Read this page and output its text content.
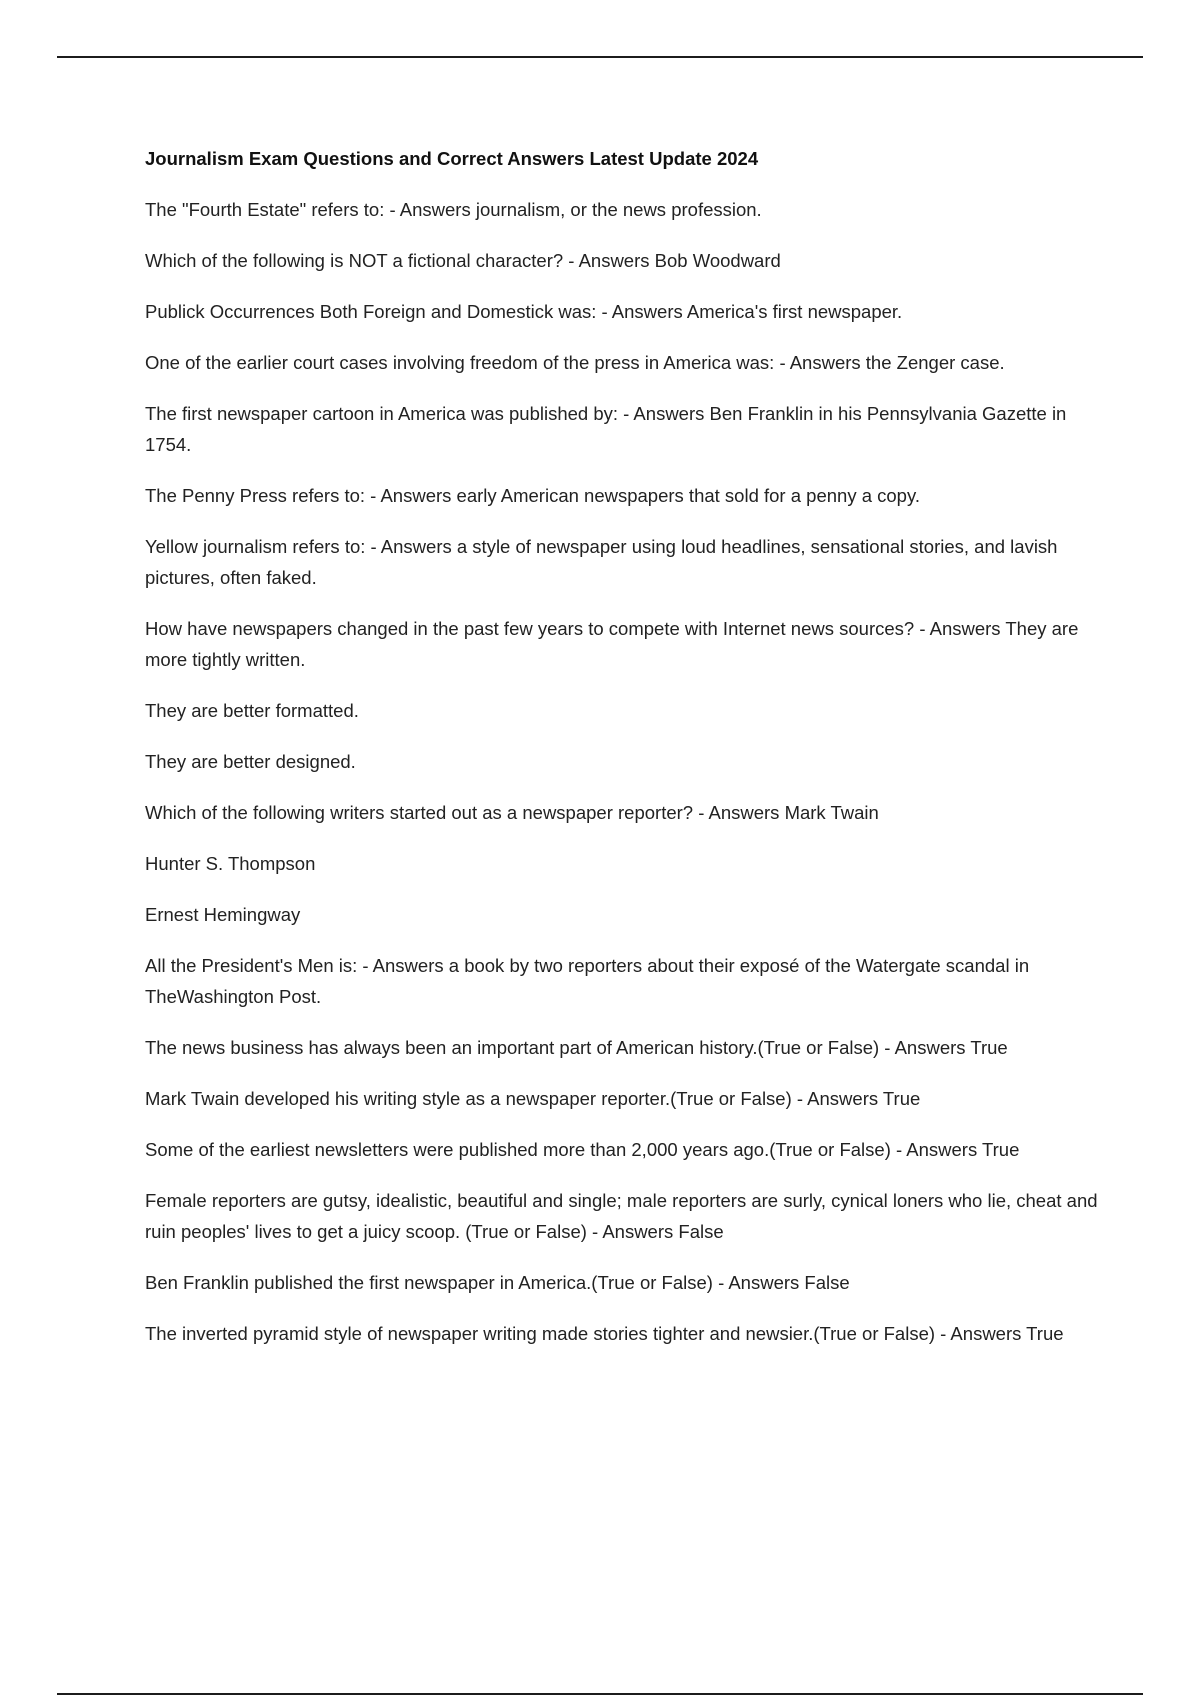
Journalism Exam Questions and Correct Answers Latest Update 2024
The "Fourth Estate" refers to: - Answers journalism, or the news profession.
Which of the following is NOT a fictional character? - Answers Bob Woodward
Publick Occurrences Both Foreign and Domestick was: - Answers America's first newspaper.
One of the earlier court cases involving freedom of the press in America was: - Answers the Zenger case.
The first newspaper cartoon in America was published by: - Answers Ben Franklin in his Pennsylvania Gazette in 1754.
The Penny Press refers to: - Answers early American newspapers that sold for a penny a copy.
Yellow journalism refers to: - Answers a style of newspaper using loud headlines, sensational stories, and lavish pictures, often faked.
How have newspapers changed in the past few years to compete with Internet news sources? - Answers They are more tightly written.
They are better formatted.
They are better designed.
Which of the following writers started out as a newspaper reporter? - Answers Mark Twain
Hunter S. Thompson
Ernest Hemingway
All the President's Men is: - Answers a book by two reporters about their exposé of the Watergate scandal in TheWashington Post.
The news business has always been an important part of American history.(True or False) - Answers True
Mark Twain developed his writing style as a newspaper reporter.(True or False) - Answers True
Some of the earliest newsletters were published more than 2,000 years ago.(True or False) - Answers True
Female reporters are gutsy, idealistic, beautiful and single; male reporters are surly, cynical loners who lie, cheat and ruin peoples' lives to get a juicy scoop. (True or False) - Answers False
Ben Franklin published the first newspaper in America.(True or False) - Answers False
The inverted pyramid style of newspaper writing made stories tighter and newsier.(True or False) - Answers True
